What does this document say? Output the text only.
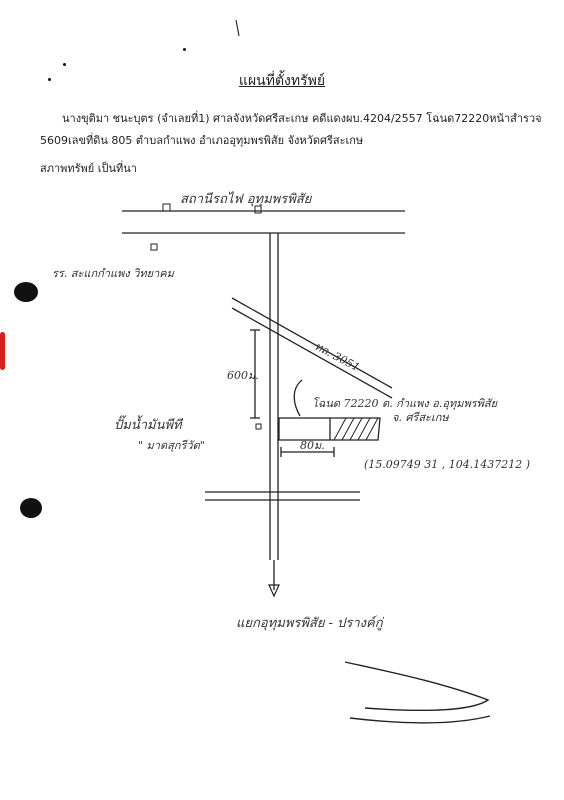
แผนที่ตั้งทรัพย์
นางขุติมา ชนะบุตร (จำเลยที่1) ศาลจังหวัดศรีสะเกษ คดีแดงผบ.4204/2557 โฉนด72220หน้าสำรวจ
5609เลขที่ดิน 805 ตำบลกำแพง อำเภออุทุมพรพิสัย จังหวัดศรีสะเกษ
สภาพทรัพย์ เป็นที่นา
สถานีรถไฟ อุทุมพรพิสัย
รร. สะแกกำแพง วิทยาคม
ทล. 3051
600ม.
80ม.
โฉนด 72220 ต. กำแพง อ.อุทุมพรพิสัย
จ. ศรีสะเกษ
(15.09749 31 , 104.1437212 )
ปั๊มน้ำมันพีที
" มาดสุกรีวัด"
แยกอุทุมพรพิสัย - ปรางค์กู่
